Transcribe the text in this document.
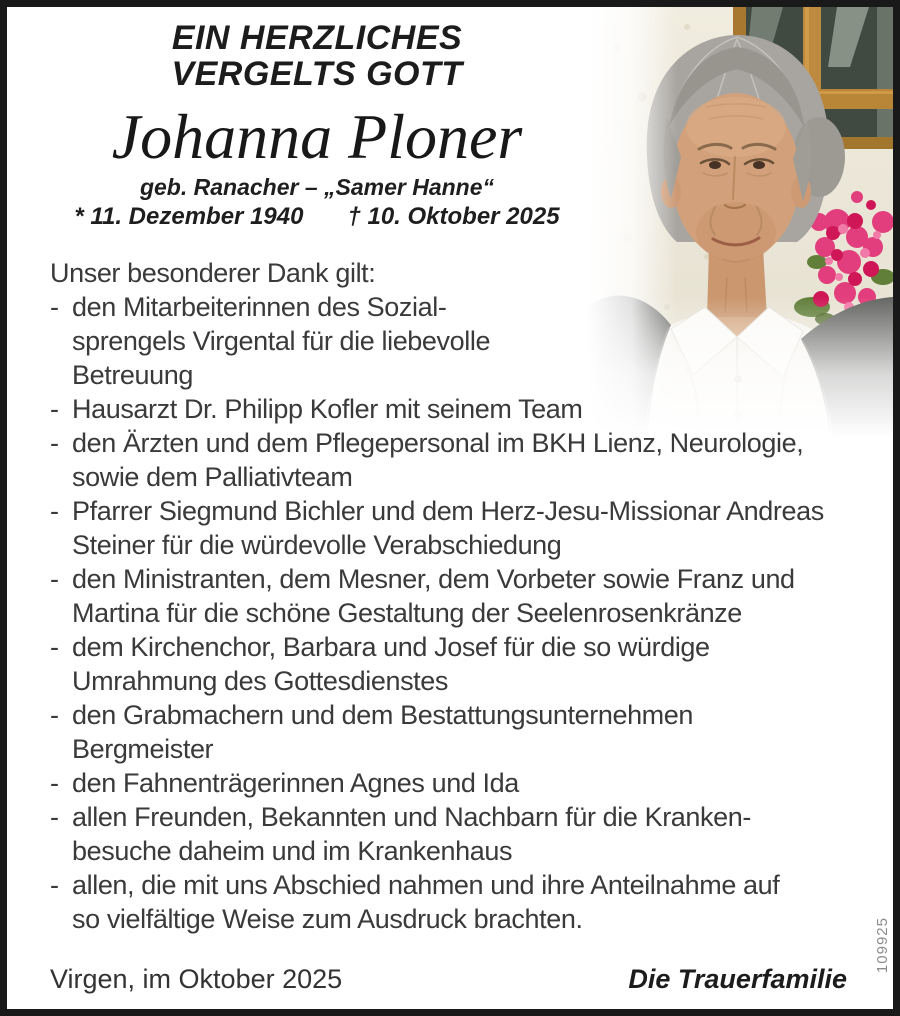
EIN HERZLICHES
VERGELTS GOTT
Johanna Ploner
geb. Ranacher – „Samer Hanne“
* 11. Dezember 1940 † 10. Oktober 2025
Unser besonderer Dank gilt:
- den Mitarbeiterinnen des Sozial-
sprengels Virgental für die liebevolle
Betreuung
- Hausarzt Dr. Philipp Kofler mit seinem Team
- den Ärzten und dem Pflegepersonal im BKH Lienz, Neurologie,
sowie dem Palliativteam
- Pfarrer Siegmund Bichler und dem Herz-Jesu-Missionar Andreas
Steiner für die würdevolle Verabschiedung
- den Ministranten, dem Mesner, dem Vorbeter sowie Franz und
Martina für die schöne Gestaltung der Seelenrosenkränze
- dem Kirchenchor, Barbara und Josef für die so würdige
Umrahmung des Gottesdienstes
- den Grabmachern und dem Bestattungsunternehmen
Bergmeister
- den Fahnenträgerinnen Agnes und Ida
- allen Freunden, Bekannten und Nachbarn für die Kranken-
besuche daheim und im Krankenhaus
- allen, die mit uns Abschied nahmen und ihre Anteilnahme auf
so vielfältige Weise zum Ausdruck brachten.
Virgen, im Oktober 2025	Die Trauerfamilie
109925
